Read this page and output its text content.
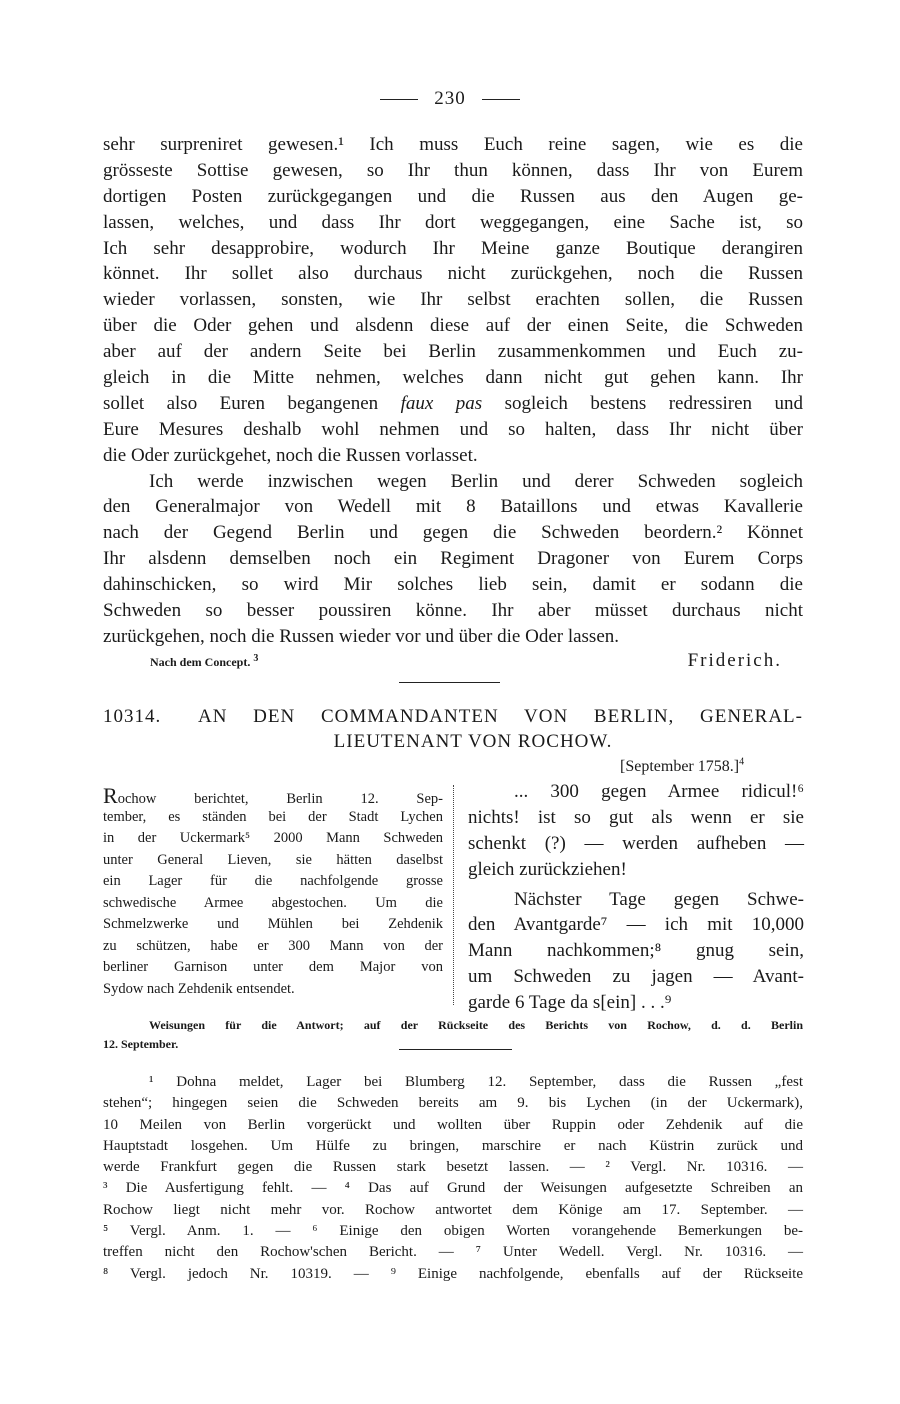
230
sehr surpreniret gewesen.¹ Ich muss Euch reine sagen, wie es die
grösseste Sottise gewesen, so Ihr thun können, dass Ihr von Eurem
dortigen Posten zurückgegangen und die Russen aus den Augen ge-
lassen, welches, und dass Ihr dort weggegangen, eine Sache ist, so
Ich sehr desapprobire, wodurch Ihr Meine ganze Boutique derangiren
könnet. Ihr sollet also durchaus nicht zurückgehen, noch die Russen
wieder vorlassen, sonsten, wie Ihr selbst erachten sollen, die Russen
über die Oder gehen und alsdenn diese auf der einen Seite, die Schweden
aber auf der andern Seite bei Berlin zusammenkommen und Euch zu-
gleich in die Mitte nehmen, welches dann nicht gut gehen kann. Ihr
sollet also Euren begangenen faux pas sogleich bestens redressiren und
Eure Mesures deshalb wohl nehmen und so halten, dass Ihr nicht über
die Oder zurückgehet, noch die Russen vorlasset.
Ich werde inzwischen wegen Berlin und derer Schweden sogleich
den Generalmajor von Wedell mit 8 Bataillons und etwas Kavallerie
nach der Gegend Berlin und gegen die Schweden beordern.² Könnet
Ihr alsdenn demselben noch ein Regiment Dragoner von Eurem Corps
dahinschicken, so wird Mir solches lieb sein, damit er sodann die
Schweden so besser poussiren könne. Ihr aber müsset durchaus nicht
zurückgehen, noch die Russen wieder vor und über die Oder lassen.
Nach dem Concept. $^3$	Friderich.
10314.	AN DEN COMMANDANTEN VON BERLIN, GENERAL-
LIEUTENANT VON ROCHOW.
[September 1758.]$^4$
Rochow berichtet, Berlin 12. Sep-
tember, es ständen bei der Stadt Lychen
in der Uckermark⁵ 2000 Mann Schweden
unter General Lieven, sie hätten daselbst
ein Lager für die nachfolgende grosse
schwedische Armee abgestochen. Um die
Schmelzwerke und Mühlen bei Zehdenik
zu schützen, habe er 300 Mann von der
berliner Garnison unter dem Major von
Sydow nach Zehdenik entsendet.
... 300 gegen Armee ridicul!⁶
nichts! ist so gut als wenn er sie
schenkt (?) — werden aufheben —
gleich zurückziehen!
Nächster Tage gegen Schwe-
den Avantgarde⁷ — ich mit 10,000
Mann nachkommen;⁸ gnug sein,
um Schweden zu jagen — Avant-
garde 6 Tage da s[ein] . . .⁹
Weisungen für die Antwort; auf der Rückseite des Berichts von Rochow, d. d. Berlin
12. September.
¹ Dohna meldet, Lager bei Blumberg 12. September, dass die Russen „fest
stehen“; hingegen seien die Schweden bereits am 9. bis Lychen (in der Uckermark),
10 Meilen von Berlin vorgerückt und wollten über Ruppin oder Zehdenik auf die
Hauptstadt losgehen. Um Hülfe zu bringen, marschire er nach Küstrin zurück und
werde Frankfurt gegen die Russen stark besetzt lassen. — ² Vergl. Nr. 10316. —
³ Die Ausfertigung fehlt. — ⁴ Das auf Grund der Weisungen aufgesetzte Schreiben an
Rochow liegt nicht mehr vor. Rochow antwortet dem Könige am 17. September. —
⁵ Vergl. Anm. 1. — ⁶ Einige den obigen Worten vorangehende Bemerkungen be-
treffen nicht den Rochow'schen Bericht. — ⁷ Unter Wedell. Vergl. Nr. 10316. —
⁸ Vergl. jedoch Nr. 10319. — ⁹ Einige nachfolgende, ebenfalls auf der Rückseite
